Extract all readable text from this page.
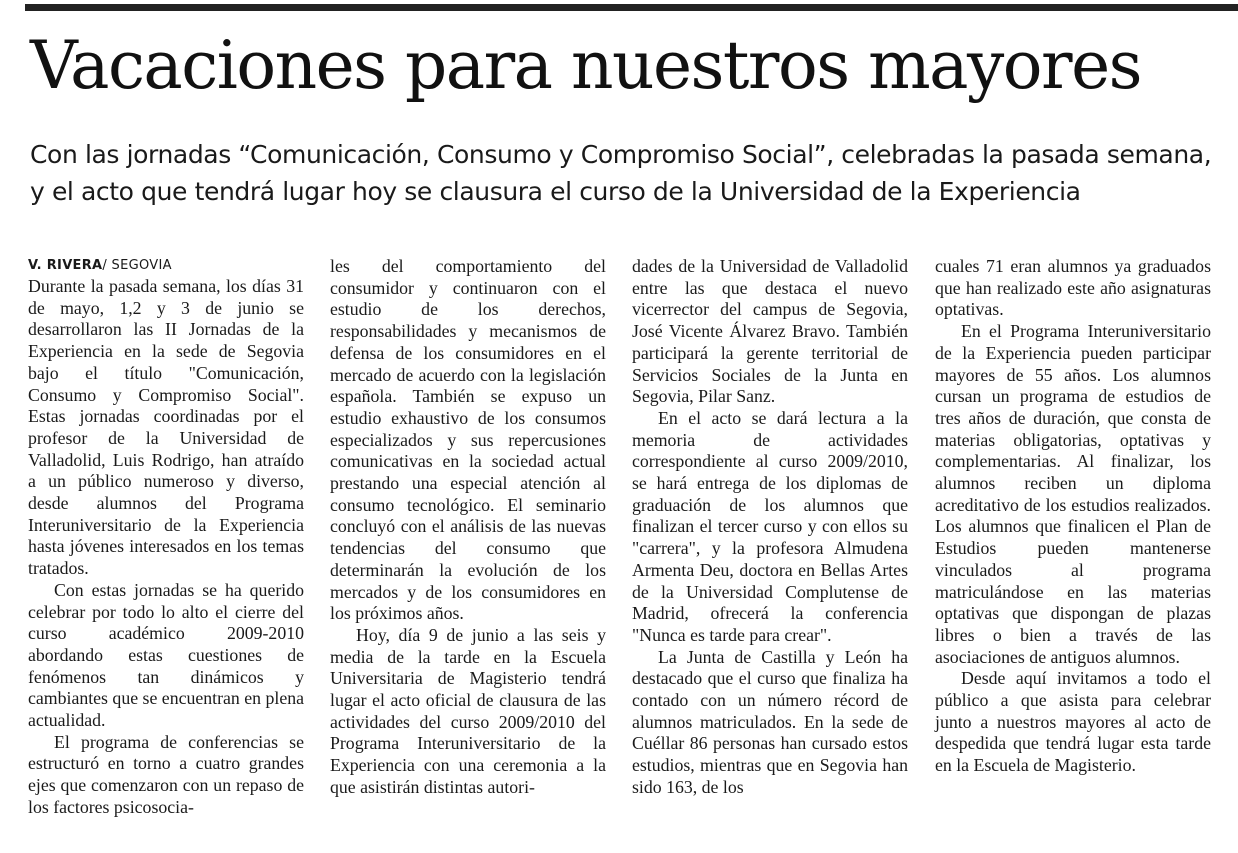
Vacaciones para nuestros mayores
Con las jornadas “Comunicación, Consumo y Compromiso Social”, celebradas la pasada semana, y el acto que tendrá lugar hoy se clausura el curso de la Universidad de la Experiencia
V. RIVERA/ SEGOVIA

Durante la pasada semana, los días 31 de mayo, 1,2 y 3 de junio se desarrollaron las II Jornadas de la Experiencia en la sede de Segovia bajo el título "Comunicación, Consumo y Compromiso Social". Estas jornadas coordinadas por el profesor de la Universidad de Valladolid, Luis Rodrigo, han atraído a un público numeroso y diverso, desde alumnos del Programa Interuniversitario de la Experiencia hasta jóvenes interesados en los temas tratados.

Con estas jornadas se ha querido celebrar por todo lo alto el cierre del curso académico 2009-2010 abordando estas cuestiones de fenómenos tan dinámicos y cambiantes que se encuentran en plena actualidad.

El programa de conferencias se estructuró en torno a cuatro grandes ejes que comenzaron con un repaso de los factores psicosocia-

les del comportamiento del consumidor y continuaron con el estudio de los derechos, responsabilidades y mecanismos de defensa de los consumidores en el mercado de acuerdo con la legislación española. También se expuso un estudio exhaustivo de los consumos especializados y sus repercusiones comunicativas en la sociedad actual prestando una especial atención al consumo tecnológico. El seminario concluyó con el análisis de las nuevas tendencias del consumo que determinarán la evolución de los mercados y de los consumidores en los próximos años.

Hoy, día 9 de junio a las seis y media de la tarde en la Escuela Universitaria de Magisterio tendrá lugar el acto oficial de clausura de las actividades del curso 2009/2010 del Programa Interuniversitario de la Experiencia con una ceremonia a la que asistirán distintas autori-

dades de la Universidad de Valladolid entre las que destaca el nuevo vicerrector del campus de Segovia, José Vicente Álvarez Bravo. También participará la gerente territorial de Servicios Sociales de la Junta en Segovia, Pilar Sanz.

En el acto se dará lectura a la memoria de actividades correspondiente al curso 2009/2010, se hará entrega de los diplomas de graduación de los alumnos que finalizan el tercer curso y con ellos su "carrera", y la profesora Almudena Armenta Deu, doctora en Bellas Artes de la Universidad Complutense de Madrid, ofrecerá la conferencia "Nunca es tarde para crear".

La Junta de Castilla y León ha destacado que el curso que finaliza ha contado con un número récord de alumnos matriculados. En la sede de Cuéllar 86 personas han cursado estos estudios, mientras que en Segovia han sido 163, de los

cuales 71 eran alumnos ya graduados que han realizado este año asignaturas optativas.

En el Programa Interuniversitario de la Experiencia pueden participar mayores de 55 años. Los alumnos cursan un programa de estudios de tres años de duración, que consta de materias obligatorias, optativas y complementarias. Al finalizar, los alumnos reciben un diploma acreditativo de los estudios realizados. Los alumnos que finalicen el Plan de Estudios pueden mantenerse vinculados al programa matriculándose en las materias optativas que dispongan de plazas libres o bien a través de las asociaciones de antiguos alumnos.

Desde aquí invitamos a todo el público a que asista para celebrar junto a nuestros mayores al acto de despedida que tendrá lugar esta tarde en la Escuela de Magisterio.
